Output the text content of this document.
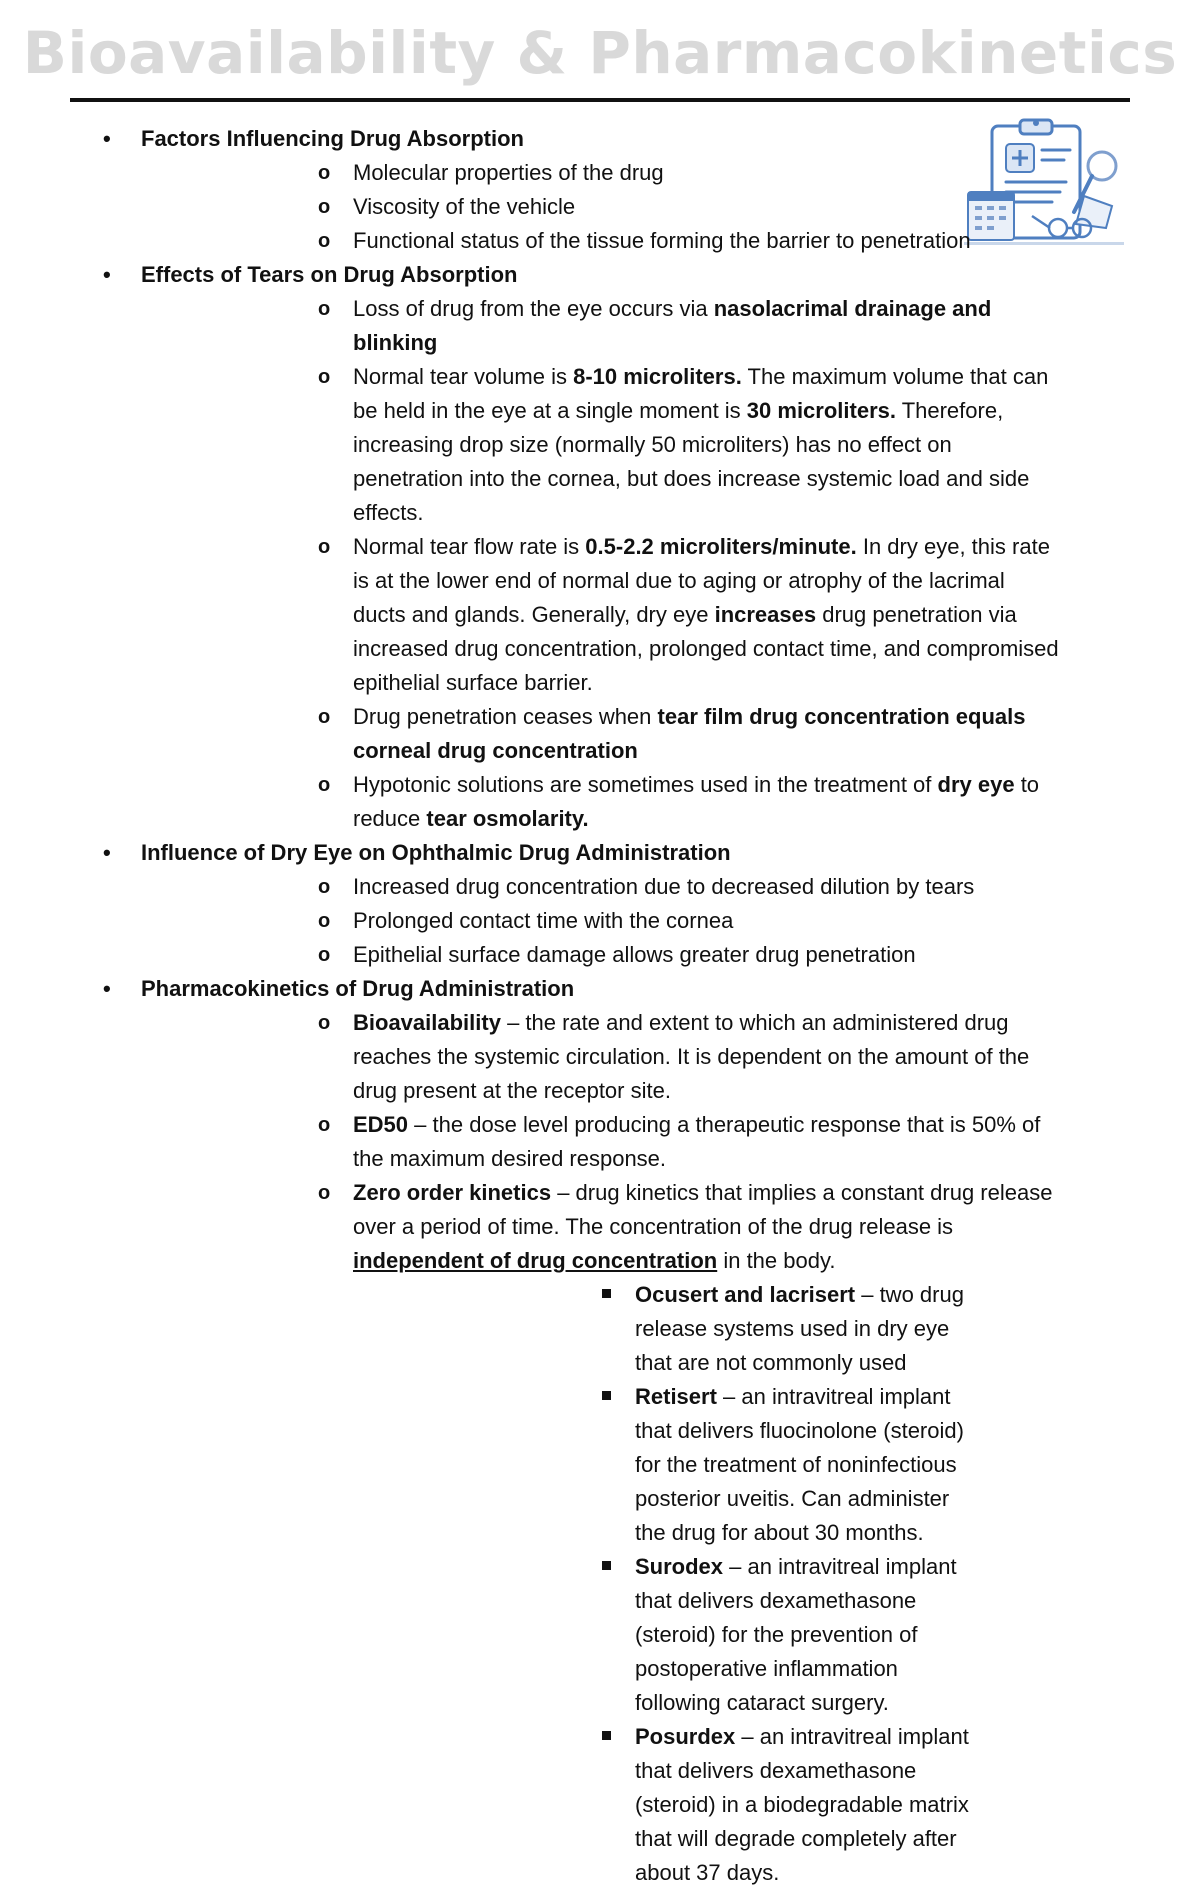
Bioavailability & Pharmacokinetics
• Factors Influencing Drug Absorption
o Molecular properties of the drug
o Viscosity of the vehicle
o Functional status of the tissue forming the barrier to penetration
• Effects of Tears on Drug Absorption
o Loss of drug from the eye occurs via nasolacrimal drainage and blinking
o Normal tear volume is 8-10 microliters. The maximum volume that can be held in the eye at a single moment is 30 microliters. Therefore, increasing drop size (normally 50 microliters) has no effect on penetration into the cornea, but does increase systemic load and side effects.
o Normal tear flow rate is 0.5-2.2 microliters/minute. In dry eye, this rate is at the lower end of normal due to aging or atrophy of the lacrimal ducts and glands. Generally, dry eye increases drug penetration via increased drug concentration, prolonged contact time, and compromised epithelial surface barrier.
o Drug penetration ceases when tear film drug concentration equals corneal drug concentration
o Hypotonic solutions are sometimes used in the treatment of dry eye to reduce tear osmolarity.
• Influence of Dry Eye on Ophthalmic Drug Administration
o Increased drug concentration due to decreased dilution by tears
o Prolonged contact time with the cornea
o Epithelial surface damage allows greater drug penetration
• Pharmacokinetics of Drug Administration
o Bioavailability – the rate and extent to which an administered drug reaches the systemic circulation. It is dependent on the amount of the drug present at the receptor site.
o ED50 – the dose level producing a therapeutic response that is 50% of the maximum desired response.
o Zero order kinetics – drug kinetics that implies a constant drug release over a period of time. The concentration of the drug release is independent of drug concentration in the body.
Ocusert and lacrisert – two drug release systems used in dry eye that are not commonly used
Retisert – an intravitreal implant that delivers fluocinolone (steroid) for the treatment of noninfectious posterior uveitis. Can administer the drug for about 30 months.
Surodex – an intravitreal implant that delivers dexamethasone (steroid) for the prevention of postoperative inflammation following cataract surgery.
Posurdex – an intravitreal implant that delivers dexamethasone (steroid) in a biodegradable matrix that will degrade completely after about 37 days.
